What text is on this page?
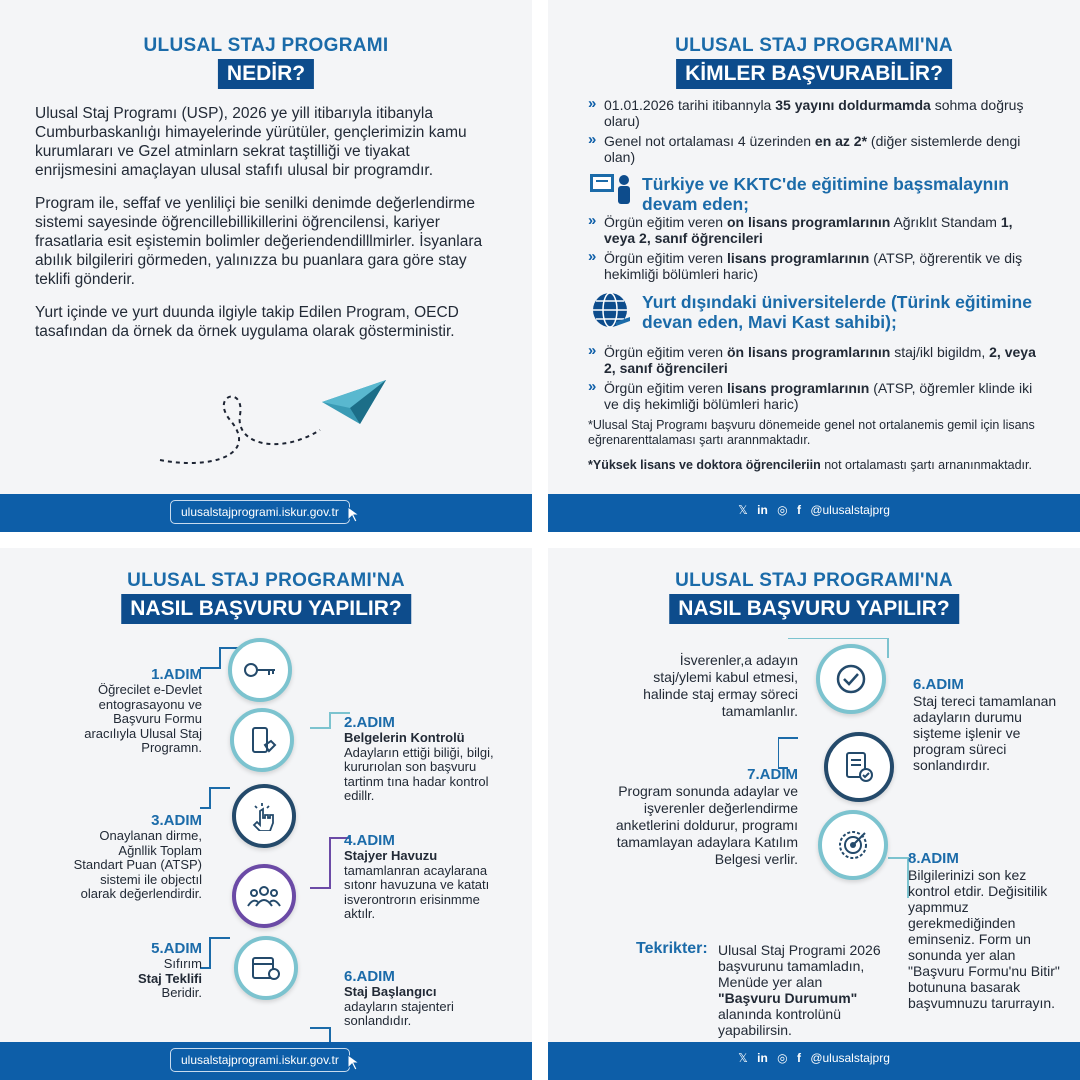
ULUSAL STAJ PROGRAMI
NEDİR?

Ulusal Staj Programı (USP), 2026 ye yill itibarıyla itibanyla Cumburbaskanlıģı himayelerinde yürütüler, gençlerimizin kamu kurumlararı ve Gzel atminlarn sekrat taştilliği ve tiyakat enrijsmesini amaçlayan ulusal stafıfı ulusal bir programdır.

Program ile, seffaf ve yenliliçi bie senilki denimde değerlendirme sistemi sayesinde öğrencillebillikillerini öğrencilensi, kariyer frasatlaria esit eşistemin bolimler değeriendendilllmirler. İsyanlara abılık bilgileriri görmeden, yalınızza bu puanlara gara göre stay teklifi gönderir.

Yurt içinde ve yurt duunda ilgiyle takip Edilen Program, OECD tasafından da örnek da örnek uygulama olarak gösterministir.

ulusalstajprogrami.iskur.gov.tr
ULUSAL STAJ PROGRAMI'NA
KİMLER BAŞVURABİLİR?
» 01.01.2026 tarihi itibannyla 35 yayını doldurmamda sohma doğruş olaru)
» Genel not ortalaması 4 üzerinden en az 2* (diğer sistemlerde dengi olan)
Türkiye ve KKTC'de eğitimine başsmalaynın devam eden;
» Örgün eğitim veren on lisans programlarının Ağrıklıt Standam 1, veya 2, sanıf öğrencileri
» Örgün eğitim veren lisans programlarının (ATSP, öğrerentik ve diş hekimliği bölümleri haric)
Yurt dışındaki üniversitelerde (Türink eğitimine devan eden, Mavi Kast sahibi);
» Örgün eğitim veren ön lisans programlarının staj/ikl bigildm, 2, veya 2, sanıf öğrencileri
» Örgün eğitim veren lisans programlarının (ATSP, öğremler klinde iki ve diş hekimliği bölümleri haric)
*Ulusal Staj Programı başvuru dönemeide genel not ortalanemis gemil için lisans eğrenarenttalaması şartı arannmaktadır.
*Yüksek lisans ve doktora öğrencileriin not ortalamastı şartı arnanınmaktadır.
𝕏 in ◎ f @ulusalstajprg
ULUSAL STAJ PROGRAMI'NA
NASIL BAŞVURU YAPILIR?
1.ADIM
Öğrecilet e-Devlet entograsayonu ve Başvuru Formu aracılıyla Ulusal Staj Programn.
2.ADIM
Belgelerin Kontrolü
Adayların ettiği biliği, bilgi, kururıolan son başvuru tartinm tına hadar kontrol edillr.
3.ADIM
Onaylanan dirme, Ağnllik Toplam Standart Puan (ATSP) sistemi ile objectıl olarak değerlendirdir.
4.ADIM
Stajyer Havuzu
tamamlanran acaylarana sıtonr havuzuna ve katatı isverontrorın erisinmme aktılr.
5.ADIM
Sıfırım
Staj Teklifi
Beridir.
6.ADIM
Staj Başlangıcı
adayların stajenteri sonlandıdır.
ulusalstajprogrami.iskur.gov.tr
ULUSAL STAJ PROGRAMI'NA
NASIL BAŞVURU YAPILIR?
İsverenler,a adayın staj/ylemi kabul etmesi, halinde staj ermay söreci tamamlanlır.
6.ADIM
Staj tereci tamamlanan adayların durumu sişteme işlenir ve program süreci sonlandırdır.
7.ADIM
Program sonunda adaylar ve işverenler değerlendirme anketlerini doldurur, programı tamamlayan adaylara Katılım Belgesi verlir.	8.ADIM
Bilgilerinizi son kez kontrol etdir. Değisitilik yapmmuz gerekmediğinden eminseniz. Form un sonunda yer alan "Başvuru Formu'nu Bitir" botununa basarak başvumnuzu tarurrayın.
Tekrikter: Ulusal Staj Programi 2026 başvurunu tamamladın, Menüde yer alan "Başvuru Durumum" alanında kontrolünü yapabilirsin.
𝕏 in ◎ f @ulusalstajprg
